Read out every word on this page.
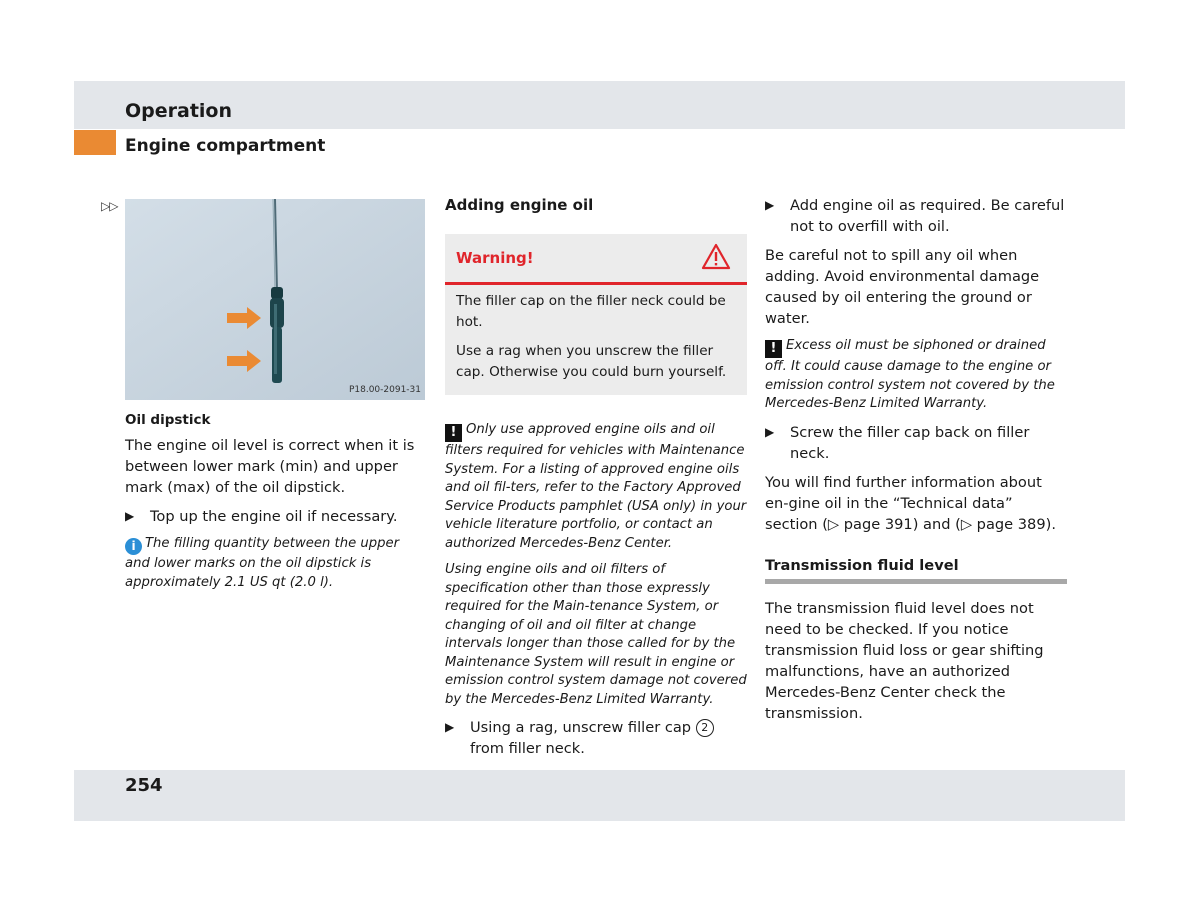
Operation
Engine compartment
▷▷
P18.00-2091-31

Oil dipstick

The engine oil level is correct when it is between lower mark (min) and upper mark (max) of the oil dipstick.

▶ Top up the engine oil if necessary.

i The filling quantity between the upper and lower marks on the oil dipstick is approximately 2.1 US qt (2.0 l).

Adding engine oil

Warning!

The filler cap on the filler neck could be hot.

Use a rag when you unscrew the filler cap. Otherwise you could burn yourself.

! Only use approved engine oils and oil filters required for vehicles with Maintenance System. For a listing of approved engine oils and oil fil-ters, refer to the Factory Approved Service Products pamphlet (USA only) in your vehicle literature portfolio, or contact an authorized Mercedes-Benz Center.

Using engine oils and oil filters of specification other than those expressly required for the Main-tenance System, or changing of oil and oil filter at change intervals longer than those called for by the Maintenance System will result in engine or emission control system damage not covered by the Mercedes-Benz Limited Warranty.

▶ Using a rag, unscrew filler cap 2 from filler neck.
▶ Add engine oil as required. Be careful not to overfill with oil.

Be careful not to spill any oil when adding. Avoid environmental damage caused by oil entering the ground or water.

! Excess oil must be siphoned or drained off. It could cause damage to the engine or emission control system not covered by the Mercedes-Benz Limited Warranty.

▶ Screw the filler cap back on filler neck.

You will find further information about en-gine oil in the “Technical data” section (▷ page 391) and (▷ page 389).

Transmission fluid level

The transmission fluid level does not need to be checked. If you notice transmission fluid loss or gear shifting malfunctions, have an authorized Mercedes-Benz Center check the transmission.

254
